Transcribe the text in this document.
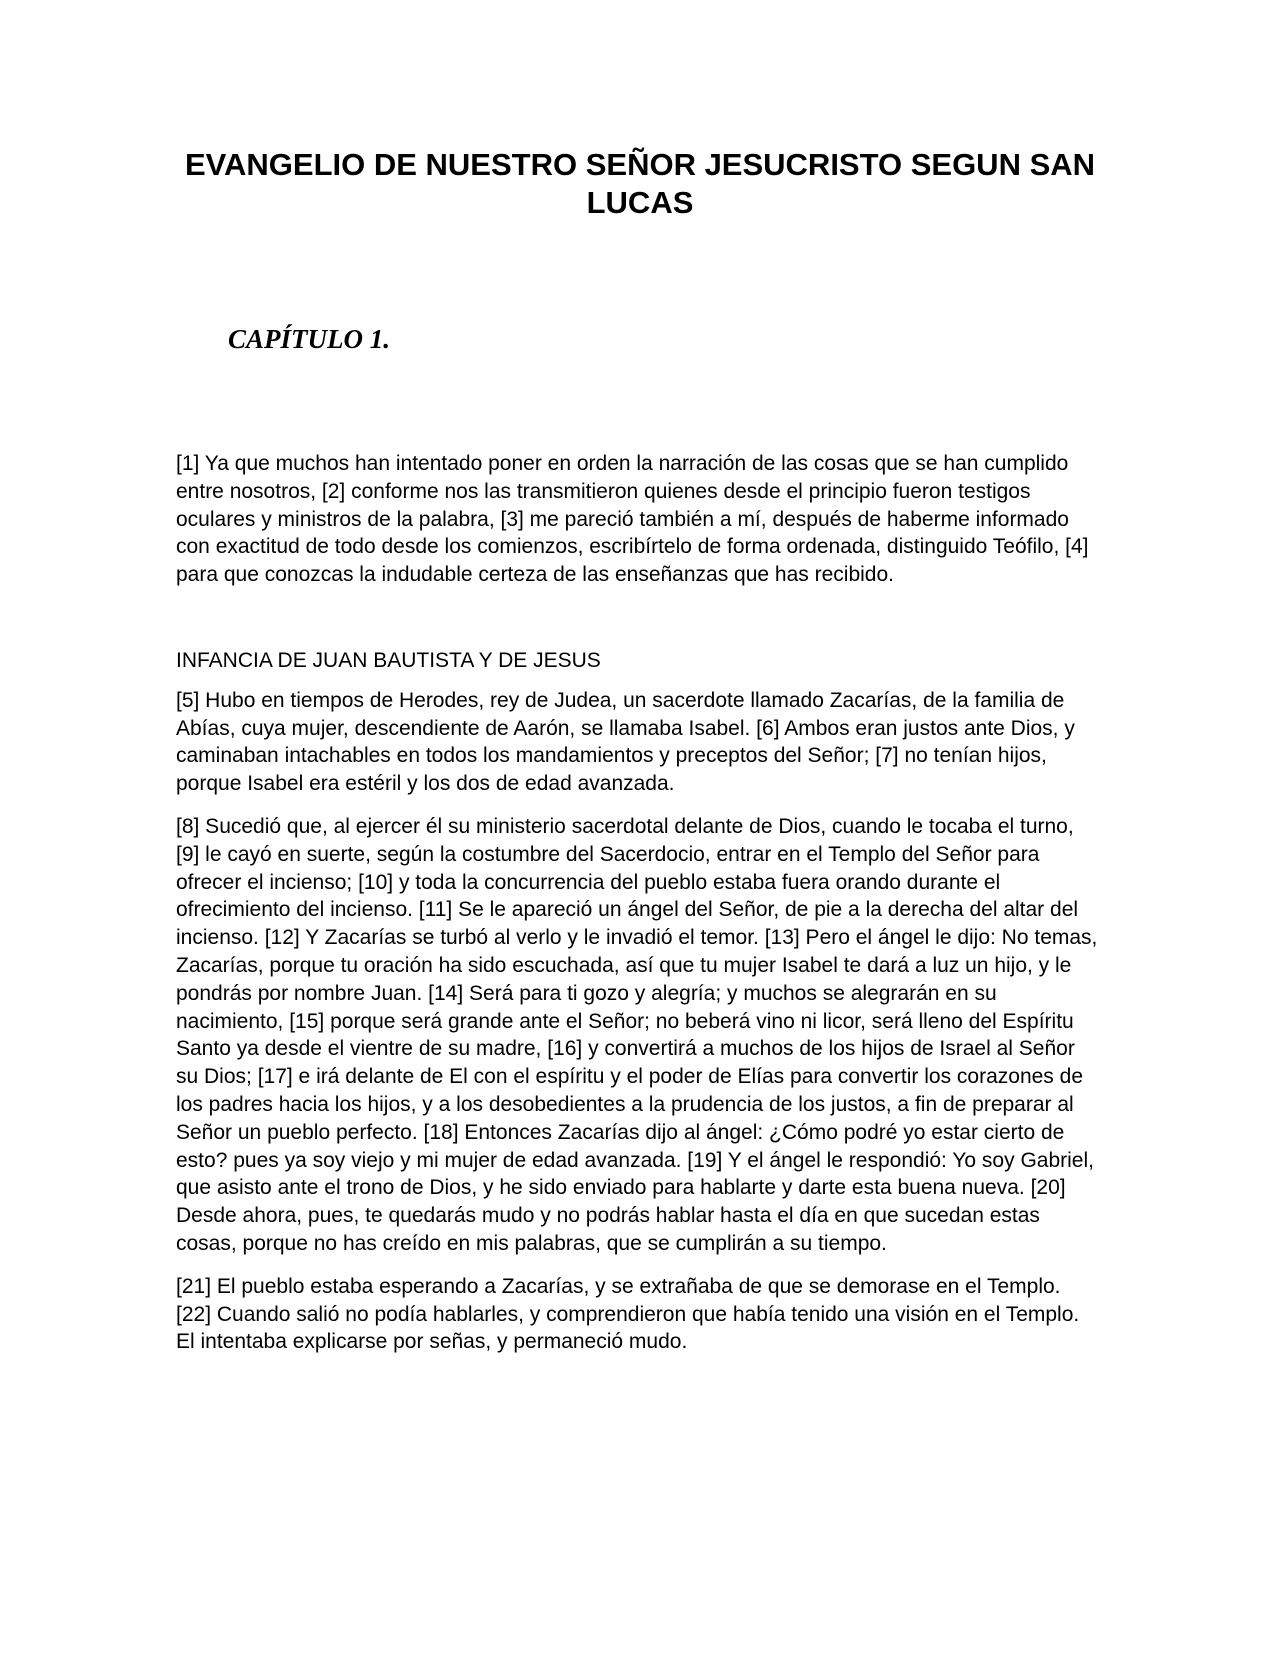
EVANGELIO DE NUESTRO SEÑOR JESUCRISTO SEGUN SAN LUCAS
CAPÍTULO 1.

[1] Ya que muchos han intentado poner en orden la narración de las cosas que se han cumplido entre nosotros, [2] conforme nos las transmitieron quienes desde el principio fueron testigos oculares y ministros de la palabra, [3] me pareció también a mí, después de haberme informado con exactitud de todo desde los comienzos, escribírtelo de forma ordenada, distinguido Teófilo, [4] para que conozcas la indudable certeza de las enseñanzas que has recibido.

INFANCIA DE JUAN BAUTISTA Y DE JESUS

[5] Hubo en tiempos de Herodes, rey de Judea, un sacerdote llamado Zacarías, de la familia de Abías, cuya mujer, descendiente de Aarón, se llamaba Isabel. [6] Ambos eran justos ante Dios, y caminaban intachables en todos los mandamientos y preceptos del Señor; [7] no tenían hijos, porque Isabel era estéril y los dos de edad avanzada.

[8] Sucedió que, al ejercer él su ministerio sacerdotal delante de Dios, cuando le tocaba el turno, [9] le cayó en suerte, según la costumbre del Sacerdocio, entrar en el Templo del Señor para ofrecer el incienso; [10] y toda la concurrencia del pueblo estaba fuera orando durante el ofrecimiento del incienso. [11] Se le apareció un ángel del Señor, de pie a la derecha del altar del incienso. [12] Y Zacarías se turbó al verlo y le invadió el temor. [13] Pero el ángel le dijo: No temas, Zacarías, porque tu oración ha sido escuchada, así que tu mujer Isabel te dará a luz un hijo, y le pondrás por nombre Juan. [14] Será para ti gozo y alegría; y muchos se alegrarán en su nacimiento, [15] porque será grande ante el Señor; no beberá vino ni licor, será lleno del Espíritu Santo ya desde el vientre de su madre, [16] y convertirá a muchos de los hijos de Israel al Señor su Dios; [17] e irá delante de El con el espíritu y el poder de Elías para convertir los corazones de los padres hacia los hijos, y a los desobedientes a la prudencia de los justos, a fin de preparar al Señor un pueblo perfecto. [18] Entonces Zacarías dijo al ángel: ¿Cómo podré yo estar cierto de esto? pues ya soy viejo y mi mujer de edad avanzada. [19] Y el ángel le respondió: Yo soy Gabriel, que asisto ante el trono de Dios, y he sido enviado para hablarte y darte esta buena nueva. [20] Desde ahora, pues, te quedarás mudo y no podrás hablar hasta el día en que sucedan estas cosas, porque no has creído en mis palabras, que se cumplirán a su tiempo.

[21] El pueblo estaba esperando a Zacarías, y se extrañaba de que se demorase en el Templo. [22] Cuando salió no podía hablarles, y comprendieron que había tenido una visión en el Templo. El intentaba explicarse por señas, y permaneció mudo.
